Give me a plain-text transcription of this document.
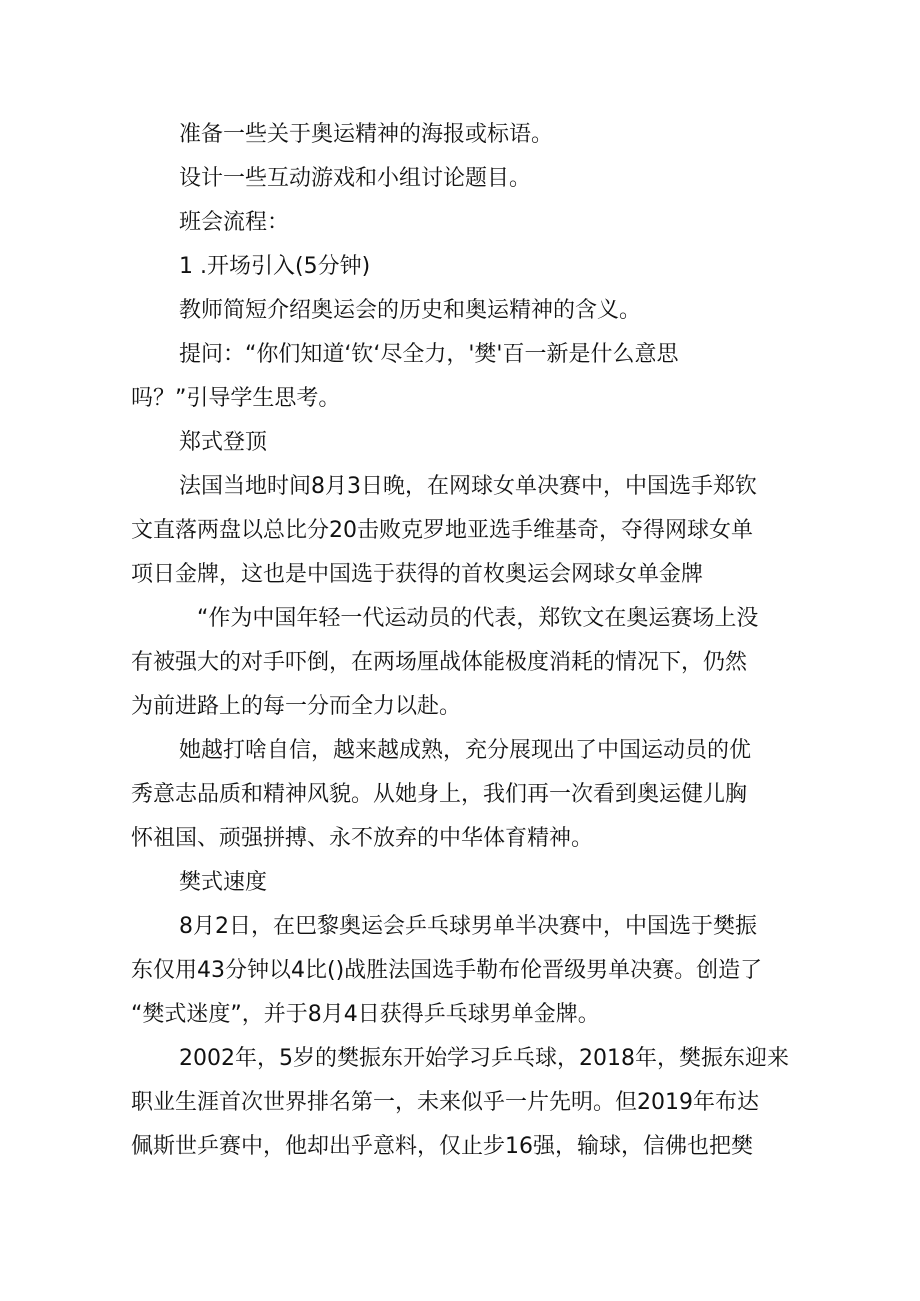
准备一些关于奥运精神的海报或标语。
设计一些互动游戏和小组讨论题目。
班会流程：
1 .开场引入(5分钟)
教师简短介绍奥运会的历史和奥运精神的含义。
提问：“你们知道‘钦‘尽全力，'樊'百一新是什么意思
吗？”引导学生思考。
郑式登顶
法国当地时间8月3日晚，在网球女单决赛中，中国选手郑钦
文直落两盘以总比分20击败克罗地亚选手维基奇，夺得网球女单
项日金牌，这也是中国选于获得的首枚奥运会网球女单金牌
“作为中国年轻一代运动员的代表，郑钦文在奥运赛场上没
有被强大的对手吓倒，在两场厘战体能极度消耗的情况下，仍然
为前进路上的每一分而全力以赴。
她越打啥自信，越来越成熟，充分展现出了中国运动员的优
秀意志品质和精神风貌。从她身上，我们再一次看到奥运健儿胸
怀祖国、顽强拼搏、永不放弃的中华体育精神。
樊式速度
8月2日，在巴黎奥运会乒乓球男单半决赛中，中国选于樊振
东仅用43分钟以4比()战胜法国选手勒布伦晋级男单决赛。创造了
“樊式迷度”，并于8月4日获得乒乓球男单金牌。
2002年，5岁的樊振东开始学习乒乓球，2018年，樊振东迎来
职业生涯首次世界排名第一，未来似乎一片先明。但2019年布达
佩斯世乒赛中，他却出乎意料，仅止步16强，输球，信佛也把樊
